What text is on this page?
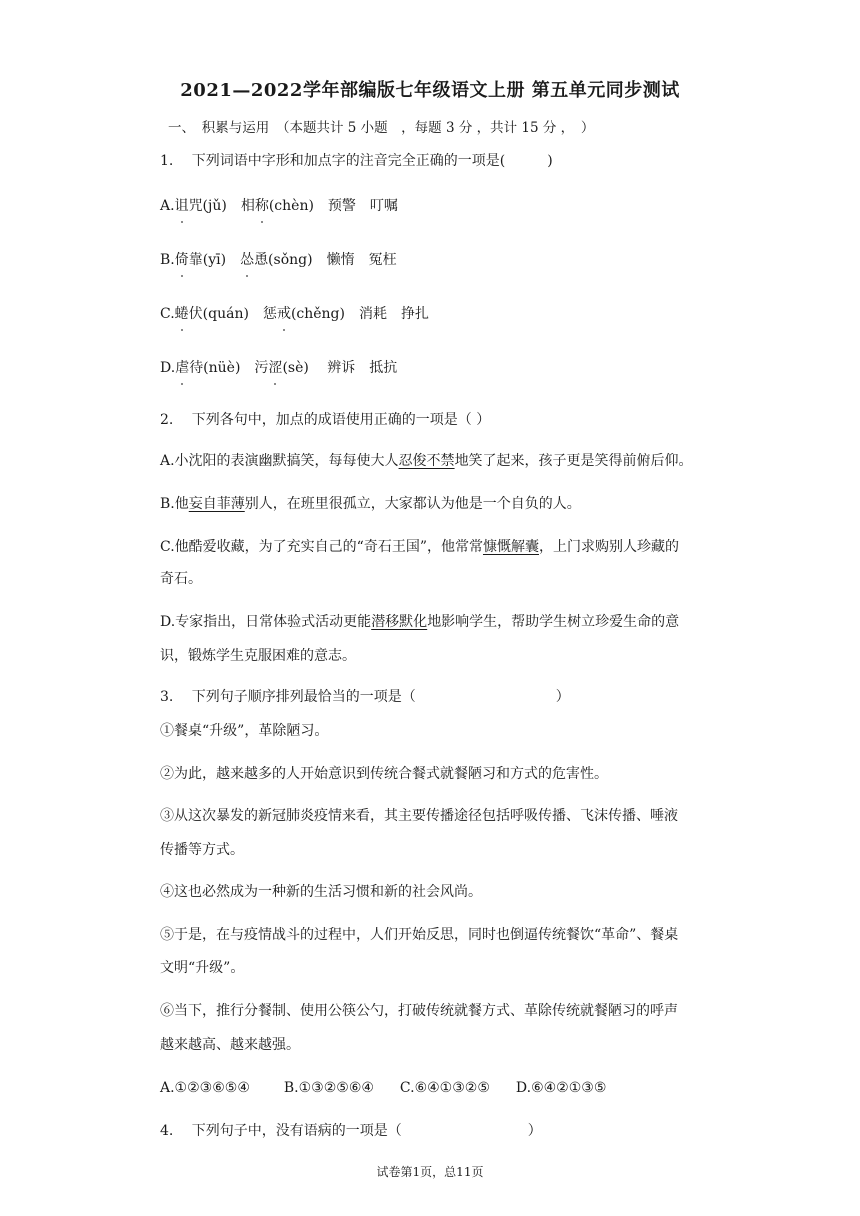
2021—2022学年部编版七年级语文上册 第五单元同步测试
一、　积累与运用　（本题共计 5 小题　，每题 3 分 ，共计 15 分 ，　）
1.　 下列词语中字形和加点字的注音完全正确的一项是(　　　)
A.诅咒(jǔ)　相称(chèn)　预警　叮嘱
B.倚靠(yī)　怂恿(sǒng)　懒惰　冤枉
C.蜷伏(quán)　惩戒(chěng)　消耗　挣扎
D.虐待(nüè)　污涩(sè)　 辨诉　抵抗
2.　 下列各句中，加点的成语使用正确的一项是（ ）
A.小沈阳的表演幽默搞笑，每每使大人忍俊不禁地笑了起来，孩子更是笑得前俯后仰。
B.他妄自菲薄别人，在班里很孤立，大家都认为他是一个自负的人。
C.他酷爱收藏，为了充实自己的“奇石王国”，他常常慷慨解囊，上门求购别人珍藏的
奇石。
D.专家指出，日常体验式活动更能潜移默化地影响学生，帮助学生树立珍爱生命的意
识，锻炼学生克服困难的意志。
3.　 下列句子顺序排列最恰当的一项是（　　　　　　　　　　）
①餐桌“升级”，革除陋习。
②为此，越来越多的人开始意识到传统合餐式就餐陋习和方式的危害性。
③从这次暴发的新冠肺炎疫情来看，其主要传播途径包括呼吸传播、飞沫传播、唾液
传播等方式。
④这也必然成为一种新的生活习惯和新的社会风尚。
⑤于是，在与疫情战斗的过程中，人们开始反思，同时也倒逼传统餐饮“革命”、餐桌
文明“升级”。
⑥当下，推行分餐制、使用公筷公勺，打破传统就餐方式、革除传统就餐陋习的呼声
越来越高、越来越强。
A.①②③⑥⑤④ B.①③②⑤⑥④ C.⑥④①③②⑤ D.⑥④②①③⑤
4.　 下列句子中，没有语病的一项是（　　　　　　　　　）
试卷第1页，总11页
